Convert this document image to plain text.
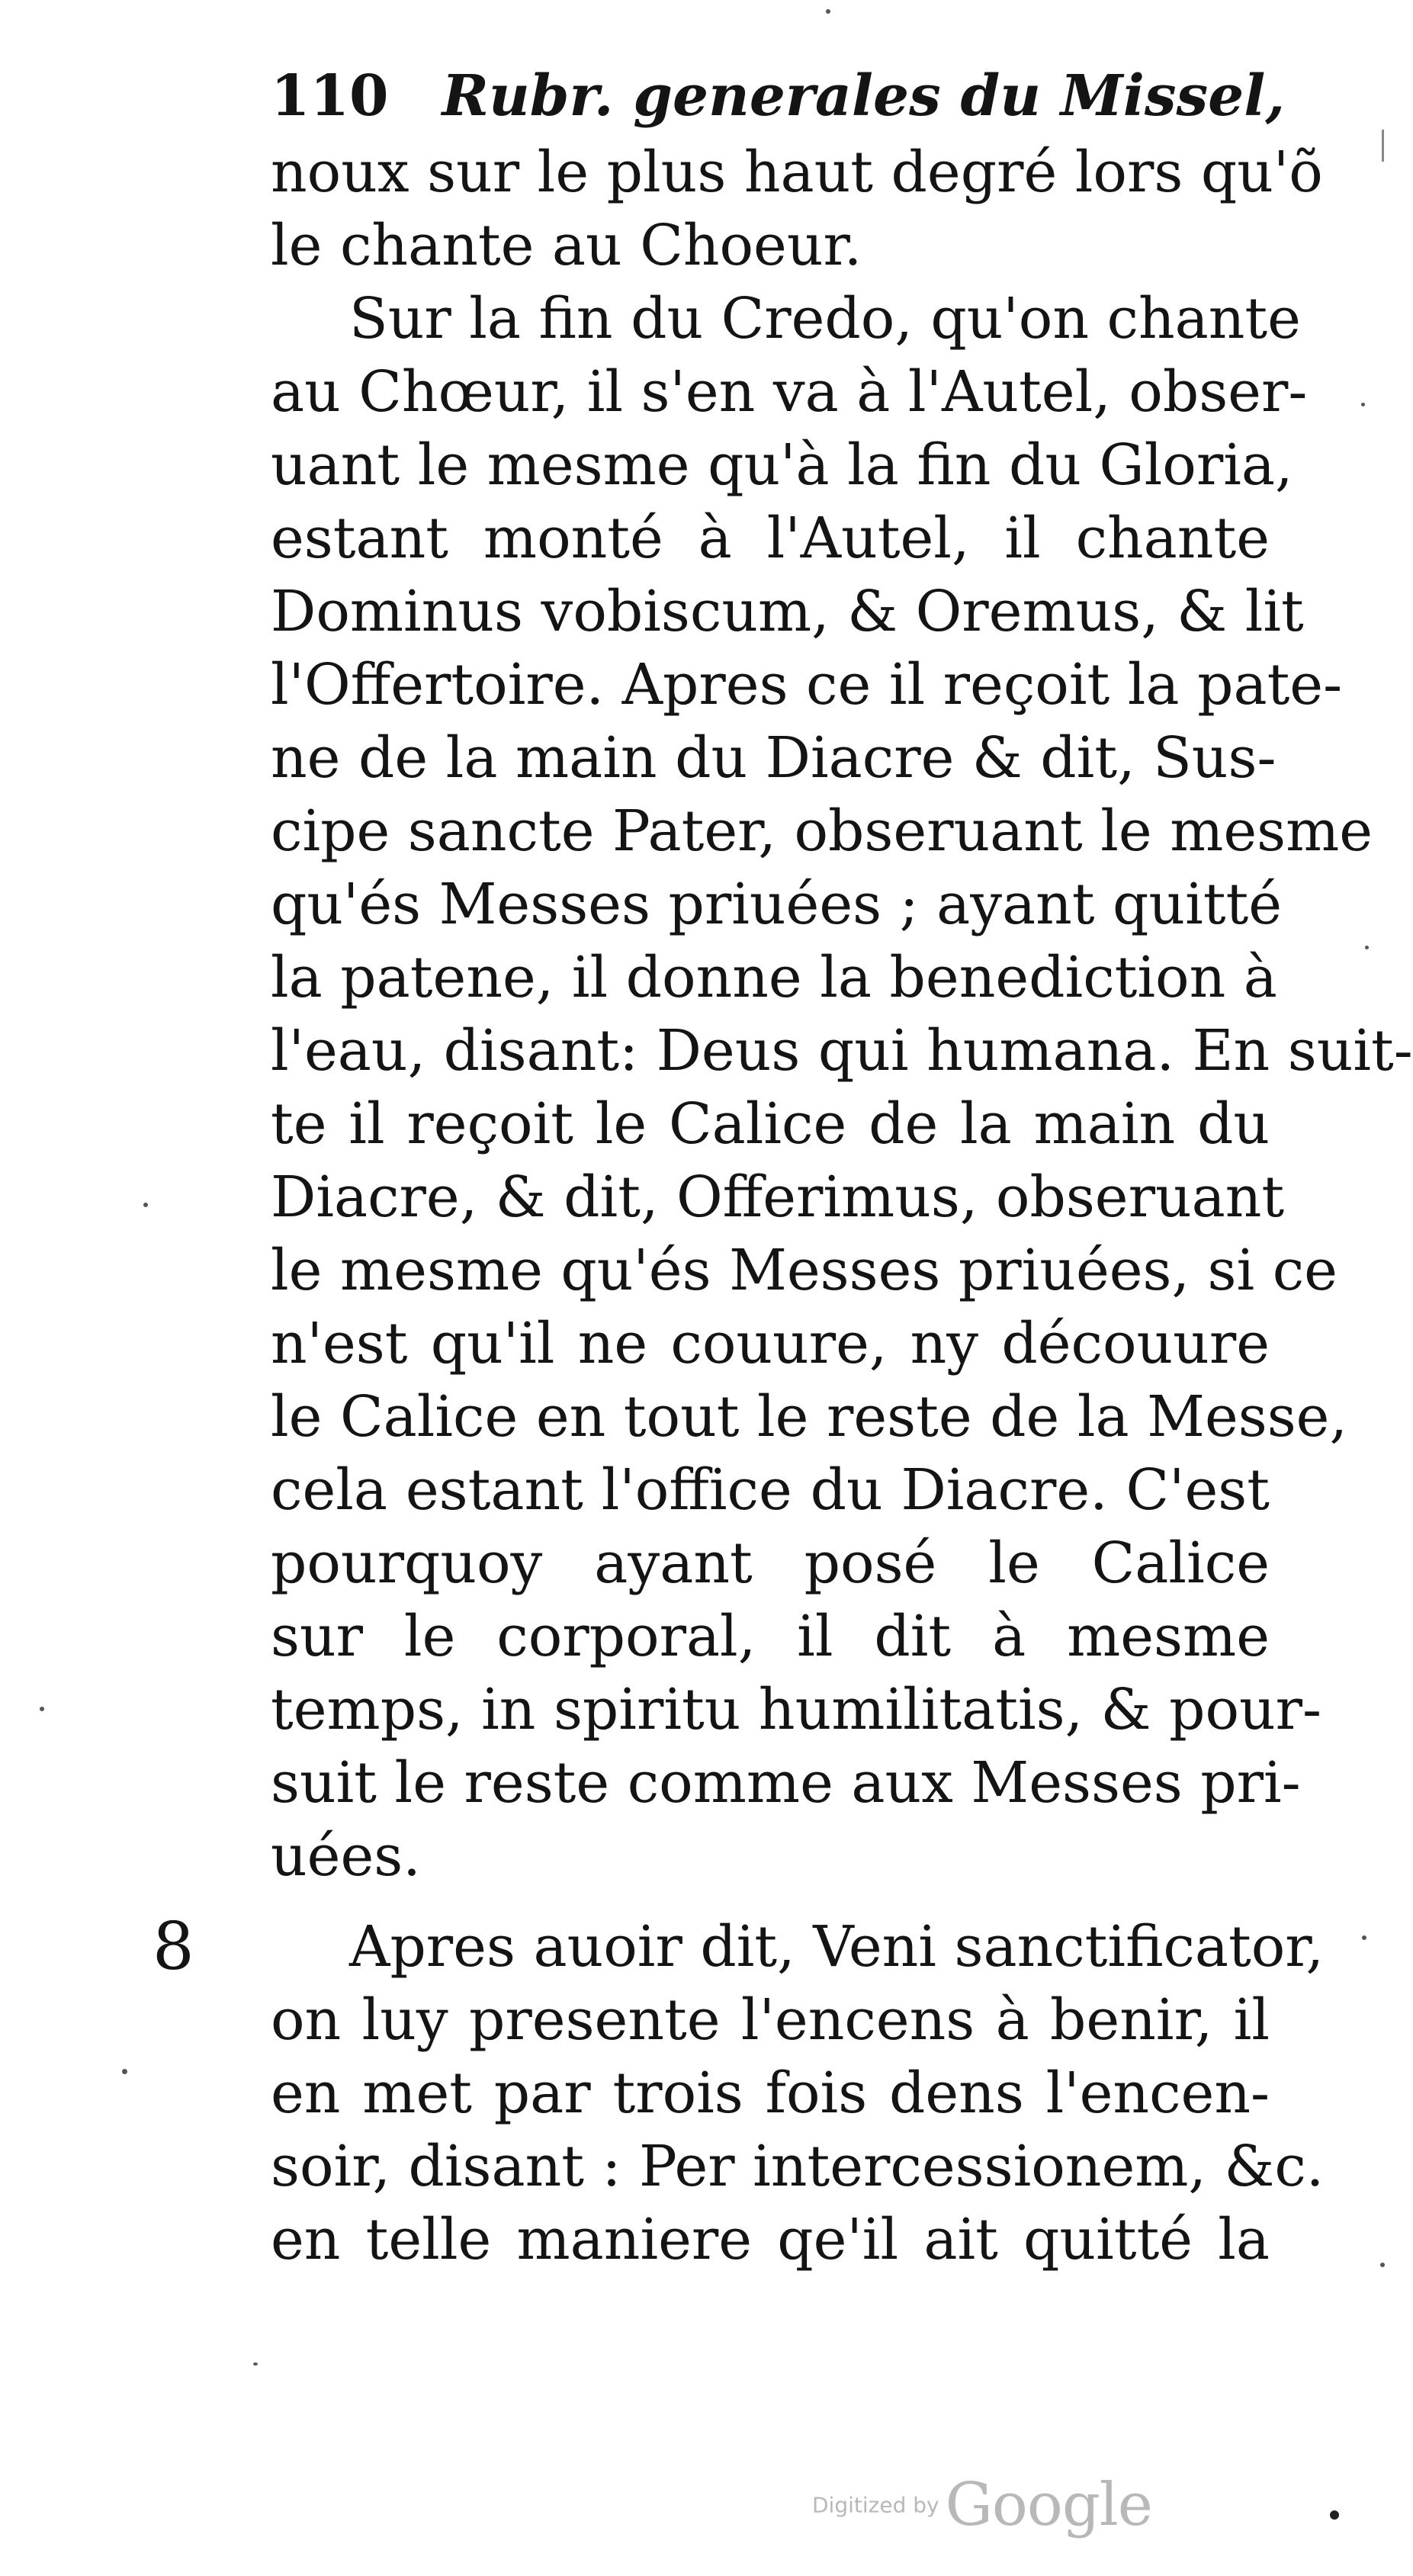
110 Rubr. generales du Missel,
noux sur le plus haut degré lors qu'õ
le chante au Choeur.
Sur la fin du Credo, qu'on chante
au Chœur, il s'en va à l'Autel, obser-
uant le mesme qu'à la fin du Gloria,
estant monté à l'Autel, il chante
Dominus vobiscum, & Oremus, & lit
l'Offertoire. Apres ce il reçoit la pate-
ne de la main du Diacre & dit, Sus-
cipe sancte Pater, obseruant le mesme
qu'és Messes priuées ; ayant quitté
la patene, il donne la benediction à
l'eau, disant: Deus qui humana. En suit-
te il reçoit le Calice de la main du
Diacre, & dit, Offerimus, obseruant
le mesme qu'és Messes priuées, si ce
n'est qu'il ne couure, ny découure
le Calice en tout le reste de la Messe,
cela estant l'office du Diacre. C'est
pourquoy ayant posé le Calice
sur le corporal, il dit à mesme
temps, in spiritu humilitatis, & pour-
suit le reste comme aux Messes pri-
uées.
8	Apres auoir dit, Veni sanctificator,
on luy presente l'encens à benir, il
en met par trois fois dens l'encen-
soir, disant : Per intercessionem, &c.
en telle maniere qe'il ait quitté la
Digitized by Google
